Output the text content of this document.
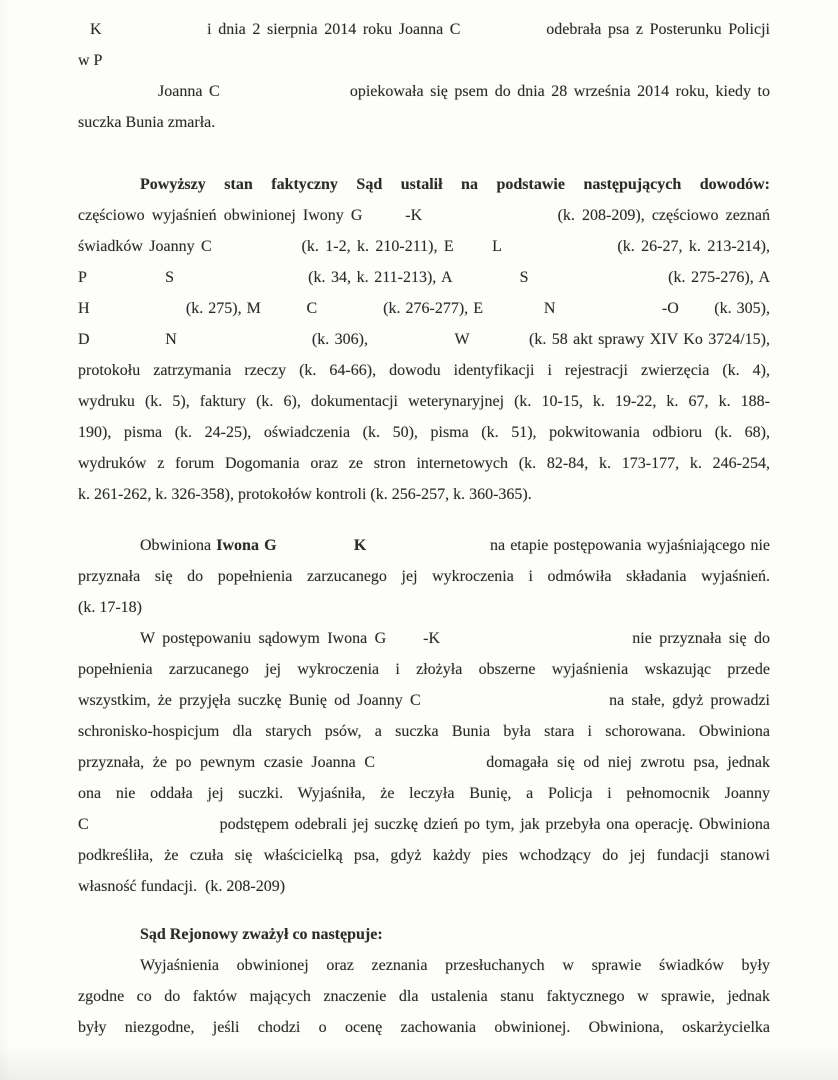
K                i dnia 2 sierpnia 2014 roku Joanna C             odebrała psa z Posterunku Policji
w P
Joanna C                    opiekowała się psem do dnia 28 września 2014 roku, kiedy to
suczka Bunia zmarła.
Powyższy stan faktyczny Sąd ustalił na podstawie następujących dowodów:
częściowo wyjaśnień obwinionej Iwony G      -K                   (k. 208-209), częściowo zeznań
świadków Joanny C              (k. 1-2, k. 210-211), E      L                  (k. 26-27, k. 213-214),
P              S                        (k. 34, k. 211-213), A            S                         (k. 275-276), A
H                   (k. 275), M         C             (k. 276-277), E            N                     -O       (k. 305),
D              N                         (k. 306),                W           (k. 58 akt sprawy XIV Ko 3724/15),
protokołu zatrzymania rzeczy (k. 64-66), dowodu identyfikacji i rejestracji zwierzęcia (k. 4),
wydruku (k. 5), faktury (k. 6), dokumentacji weterynaryjnej (k. 10-15, k. 19-22, k. 67, k. 188-
190), pisma (k. 24-25), oświadczenia (k. 50), pisma (k. 51), pokwitowania odbioru (k. 68),
wydruków z forum Dogomania oraz ze stron internetowych (k. 82-84, k. 173-177, k. 246-254,
k. 261-262, k. 326-358), protokołów kontroli (k. 256-257, k. 360-365).
Obwiniona Iwona G               K                        na etapie postępowania wyjaśniającego nie
przyznała się do popełnienia zarzucanego jej wykroczenia i odmówiła składania wyjaśnień.
(k. 17-18)
W postępowaniu sądowym Iwona G     -K                          nie przyznała się do
popełnienia zarzucanego jej wykroczenia i złożyła obszerne wyjaśnienia wskazując przede
wszystkim, że przyjęła suczkę Bunię od Joanny C                          na stałe, gdyż prowadzi
schronisko-hospicjum dla starych psów, a suczka Bunia była stara i schorowana. Obwiniona
przyznała, że po pewnym czasie Joanna C             domagała się od niej zwrotu psa, jednak
ona nie oddała jej suczki. Wyjaśniła, że leczyła Bunię, a Policja i pełnomocnik Joanny
C                       podstępem odebrali jej suczkę dzień po tym, jak przebyła ona operację. Obwiniona
podkreśliła, że czuła się właścicielką psa, gdyż każdy pies wchodzący do jej fundacji stanowi
własność fundacji.  (k. 208-209)
Sąd Rejonowy zważył co następuje:
Wyjaśnienia obwinionej oraz zeznania przesłuchanych w sprawie świadków były
zgodne co do faktów mających znaczenie dla ustalenia stanu faktycznego w sprawie, jednak
były niezgodne, jeśli chodzi o ocenę zachowania obwinionej. Obwiniona, oskarżycielka
